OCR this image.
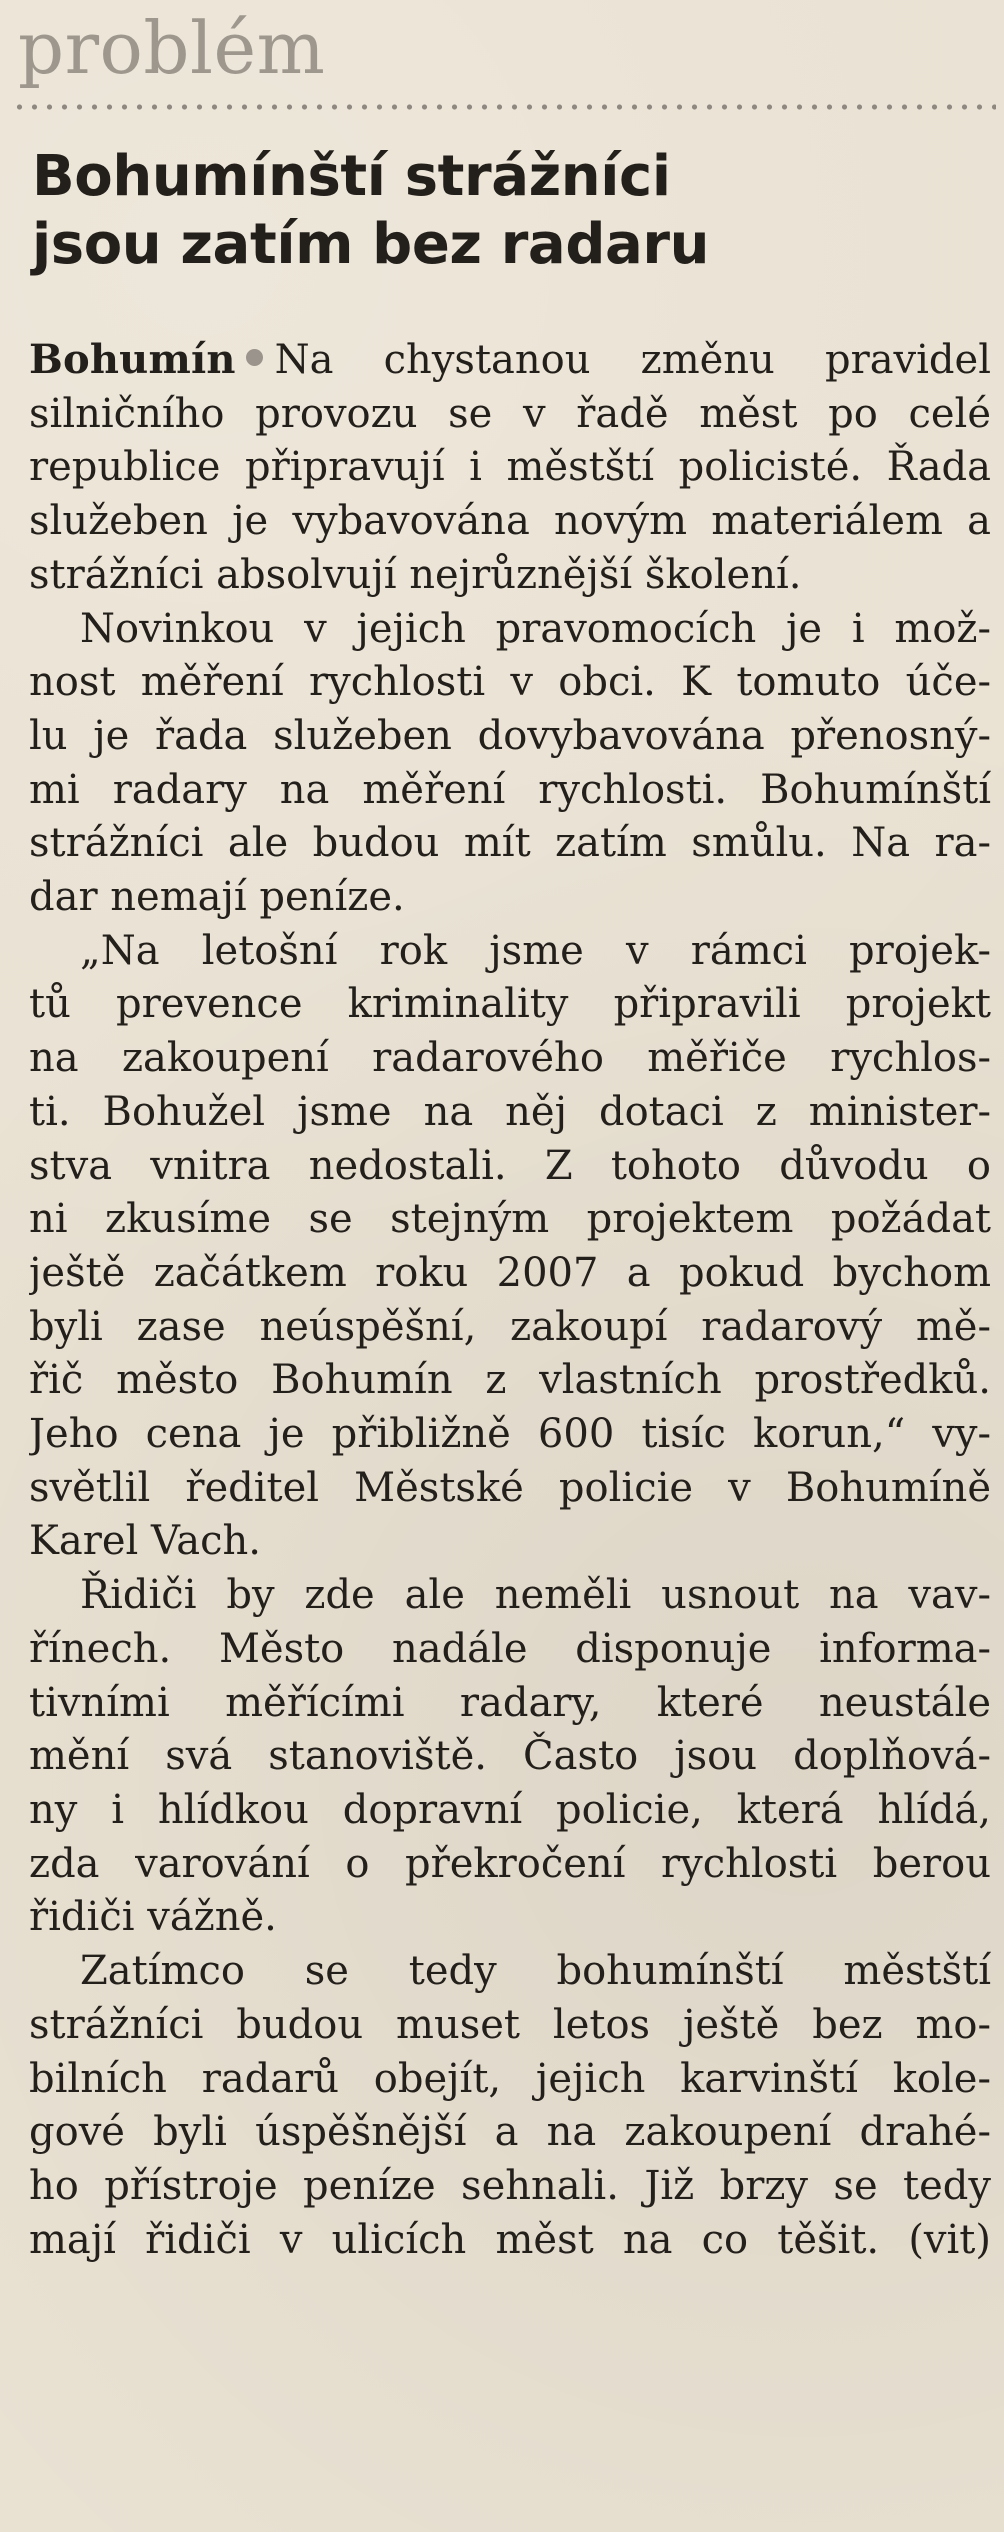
problém
Bohumínští strážníci
jsou zatím bez radaru
Bohumín Na chystanou změnu pravidel
silničního provozu se v řadě měst po celé
republice připravují i městští policisté. Řada
služeben je vybavována novým materiálem a
strážníci absolvují nejrůznější školení.
Novinkou v jejich pravomocích je i mož-
nost měření rychlosti v obci. K tomuto úče-
lu je řada služeben dovybavována přenosný-
mi radary na měření rychlosti. Bohumínští
strážníci ale budou mít zatím smůlu. Na ra-
dar nemají peníze.
„Na letošní rok jsme v rámci projek-
tů prevence kriminality připravili projekt
na zakoupení radarového měřiče rychlos-
ti. Bohužel jsme na něj dotaci z minister-
stva vnitra nedostali. Z tohoto důvodu o
ni zkusíme se stejným projektem požádat
ještě začátkem roku 2007 a pokud bychom
byli zase neúspěšní, zakoupí radarový mě-
řič město Bohumín z vlastních prostředků.
Jeho cena je přibližně 600 tisíc korun,“ vy-
světlil ředitel Městské policie v Bohumíně
Karel Vach.
Řidiči by zde ale neměli usnout na vav-
řínech. Město nadále disponuje informa-
tivními měřícími radary, které neustále
mění svá stanoviště. Často jsou doplňová-
ny i hlídkou dopravní policie, která hlídá,
zda varování o překročení rychlosti berou
řidiči vážně.
Zatímco se tedy bohumínští městští
strážníci budou muset letos ještě bez mo-
bilních radarů obejít, jejich karvinští kole-
gové byli úspěšnější a na zakoupení drahé-
ho přístroje peníze sehnali. Již brzy se tedy
mají řidiči v ulicích měst na co těšit. (vit)
